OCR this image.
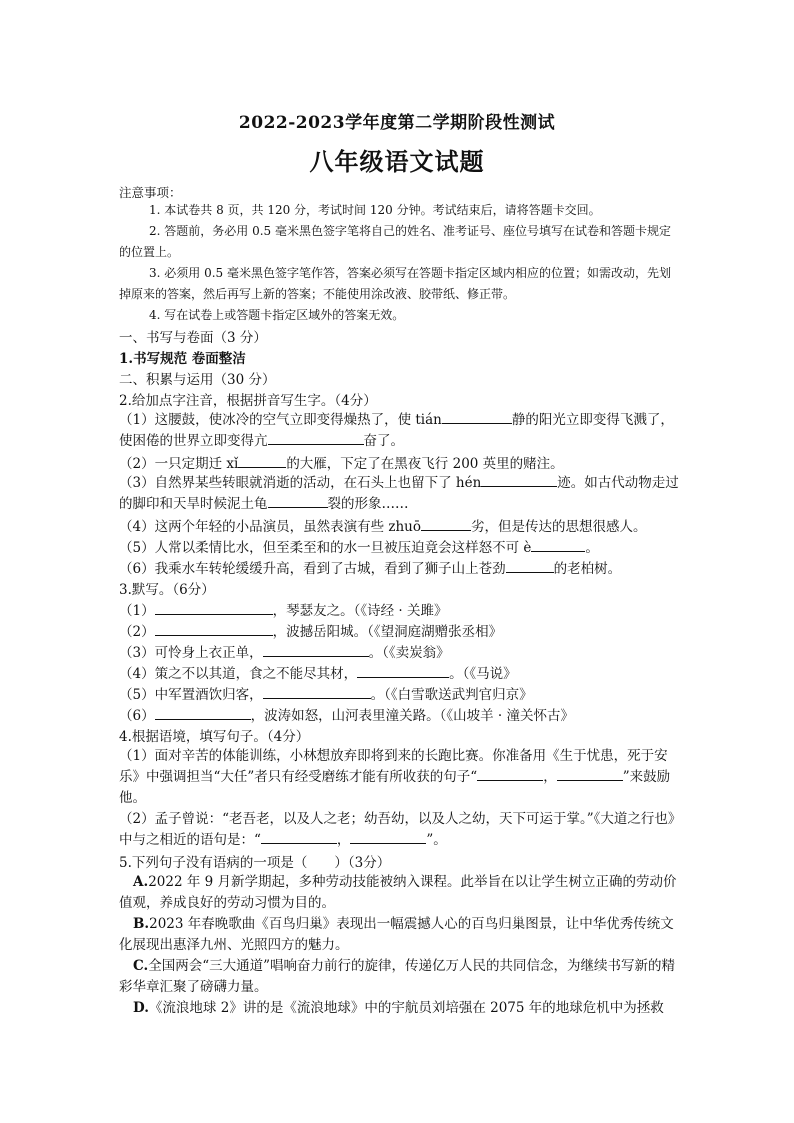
2022-2023学年度第二学期阶段性测试
八年级语文试题
注意事项：
1. 本试卷共 8 页，共 120 分，考试时间 120 分钟。考试结束后，请将答题卡交回。
2. 答题前，务必用 0.5 毫米黑色签字笔将自己的姓名、准考证号、座位号填写在试卷和答题卡规定的位置上。
3. 必须用 0.5 毫米黑色签字笔作答，答案必须写在答题卡指定区域内相应的位置；如需改动，先划掉原来的答案，然后再写上新的答案；不能使用涂改液、胶带纸、修正带。
4. 写在试卷上或答题卡指定区域外的答案无效。
一、书写与卷面（3 分）
1.书写规范 卷面整洁
二、积累与运用（30 分）
2.给加点字注音，根据拼音写生字。（4分）
（1）这腰鼓，使冰冷的空气立即变得燥热了，使 tián	静的阳光立即变得飞溅了，使困倦的世界立即变得亢	奋了。
（2）一只定期迁 xǐ	的大雁，下定了在黑夜飞行 200 英里的赌注。
（3）自然界某些转眼就消逝的活动，在石头上也留下了 hén	迹。如古代动物走过的脚印和天旱时候泥土龟	裂的形象……
（4）这两个年轻的小品演员，虽然表演有些 zhuō	劣，但是传达的思想很感人。
（5）人常以柔情比水，但至柔至和的水一旦被压迫竟会这样怒不可 è	。
（6）我乘水车转轮缓缓升高，看到了古城，看到了狮子山上苍劲	的老柏树。
3.默写。（6分）
（1）	，琴瑟友之。（《诗经 · 关雎》
（2）	，波撼岳阳城。（《望洞庭湖赠张丞相》
（3）可怜身上衣正单，	。（《卖炭翁》
（4）策之不以其道，食之不能尽其材，	。（《马说》
（5）中军置酒饮归客，	。（《白雪歌送武判官归京》
（6）	，波涛如怒，山河表里潼关路。（《山坡羊 · 潼关怀古》
4.根据语境，填写句子。（4分）
（1）面对辛苦的体能训练，小林想放弃即将到来的长跑比赛。你准备用《生于忧患，死于安乐》中强调担当“大任”者只有经受磨练才能有所收获的句子“	，	”来鼓励他。
（2）孟子曾说：“老吾老，以及人之老；幼吾幼，以及人之幼，天下可运于掌。”《大道之行也》中与之相近的语句是：“	，	”。
5.下列句子没有语病的一项是（　　）（3分）
A.2022 年 9 月新学期起，多种劳动技能被纳入课程。此举旨在以让学生树立正确的劳动价值观，养成良好的劳动习惯为目的。
B.2023 年春晚歌曲《百鸟归巢》表现出一幅震撼人心的百鸟归巢图景，让中华优秀传统文化展现出惠泽九州、光照四方的魅力。
C.全国两会“三大通道”唱响奋力前行的旋律，传递亿万人民的共同信念，为继续书写新的精彩华章汇聚了磅礴力量。
D.《流浪地球 2》讲的是《流浪地球》中的宇航员刘培强在 2075 年的地球危机中为拯救
